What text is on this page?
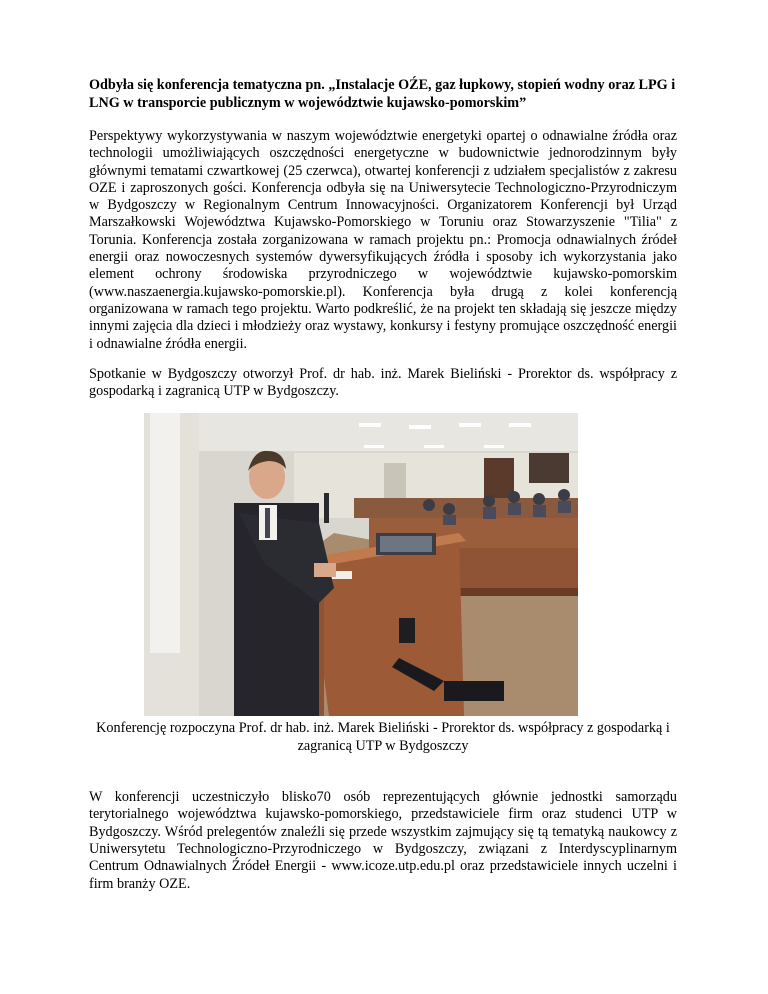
Odbyła się konferencja tematyczna pn. „Instalacje OŹE, gaz łupkowy, stopień wodny oraz LPG i LNG w transporcie publicznym w województwie kujawsko-pomorskim”

Perspektywy wykorzystywania w naszym województwie energetyki opartej o odnawialne źródła oraz technologii umożliwiających oszczędności energetyczne w budownictwie jednorodzinnym były głównymi tematami czwartkowej (25 czerwca), otwartej konferencji z udziałem specjalistów z zakresu OZE i zaproszonych gości. Konferencja odbyła się na Uniwersytecie Technologiczno-Przyrodniczym w Bydgoszczy w Regionalnym Centrum Innowacyjności. Organizatorem Konferencji był Urząd Marszałkowski Województwa Kujawsko-Pomorskiego w Toruniu oraz Stowarzyszenie "Tilia" z Torunia. Konferencja została zorganizowana w ramach projektu pn.: Promocja odnawialnych źródeł energii oraz nowoczesnych systemów dywersyfikujących źródła i sposoby ich wykorzystania jako element ochrony środowiska przyrodniczego w województwie kujawsko-pomorskim (www.naszaenergia.kujawsko-pomorskie.pl). Konferencja była drugą z kolei konferencją organizowana w ramach tego projektu. Warto podkreślić, że na projekt ten składają się jeszcze między innymi zajęcia dla dzieci i młodzieży oraz wystawy, konkursy i festyny promujące oszczędność energii i odnawialne źródła energii.

Spotkanie w Bydgoszczy otworzył Prof. dr hab. inż. Marek Bieliński - Prorektor ds. współpracy z gospodarką i zagranicą UTP w Bydgoszczy.

Konferencję rozpoczyna Prof. dr hab. inż. Marek Bieliński - Prorektor ds. współpracy z gospodarką i zagranicą UTP w Bydgoszczy

W konferencji uczestniczyło blisko70 osób reprezentujących głównie jednostki samorządu terytorialnego województwa kujawsko-pomorskiego, przedstawiciele firm oraz studenci UTP w Bydgoszczy. Wśród prelegentów znaleźli się przede wszystkim zajmujący się tą tematyką naukowcy z Uniwersytetu Technologiczno-Przyrodniczego w Bydgoszczy, związani z Interdyscyplinarnym Centrum Odnawialnych Źródeł Energii - www.icoze.utp.edu.pl oraz przedstawiciele innych uczelni i firm branży OZE.
